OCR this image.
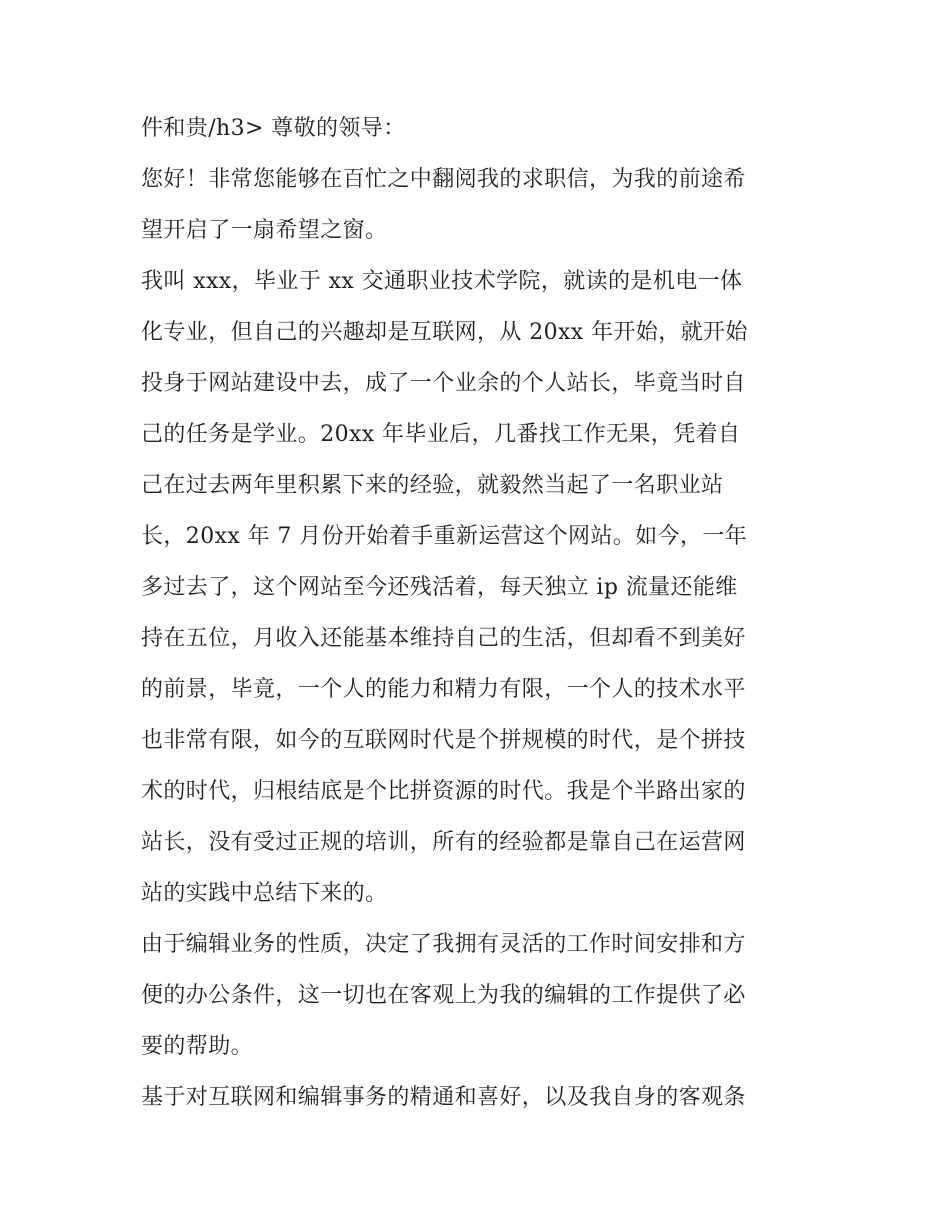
件和贵/h3> 尊敬的领导：
您好！非常您能够在百忙之中翻阅我的求职信，为我的前途希
望开启了一扇希望之窗。
我叫 xxx，毕业于 xx 交通职业技术学院，就读的是机电一体
化专业，但自己的兴趣却是互联网，从 20xx 年开始，就开始
投身于网站建设中去，成了一个业余的个人站长，毕竟当时自
己的任务是学业。20xx 年毕业后，几番找工作无果，凭着自
己在过去两年里积累下来的经验，就毅然当起了一名职业站
长，20xx 年 7 月份开始着手重新运营这个网站。如今，一年
多过去了，这个网站至今还残活着，每天独立 ip 流量还能维
持在五位，月收入还能基本维持自己的生活，但却看不到美好
的前景，毕竟，一个人的能力和精力有限，一个人的技术水平
也非常有限，如今的互联网时代是个拼规模的时代，是个拼技
术的时代，归根结底是个比拼资源的时代。我是个半路出家的
站长，没有受过正规的培训，所有的经验都是靠自己在运营网
站的实践中总结下来的。
由于编辑业务的性质，决定了我拥有灵活的工作时间安排和方
便的办公条件，这一切也在客观上为我的编辑的工作提供了必
要的帮助。
基于对互联网和编辑事务的精通和喜好，以及我自身的客观条
